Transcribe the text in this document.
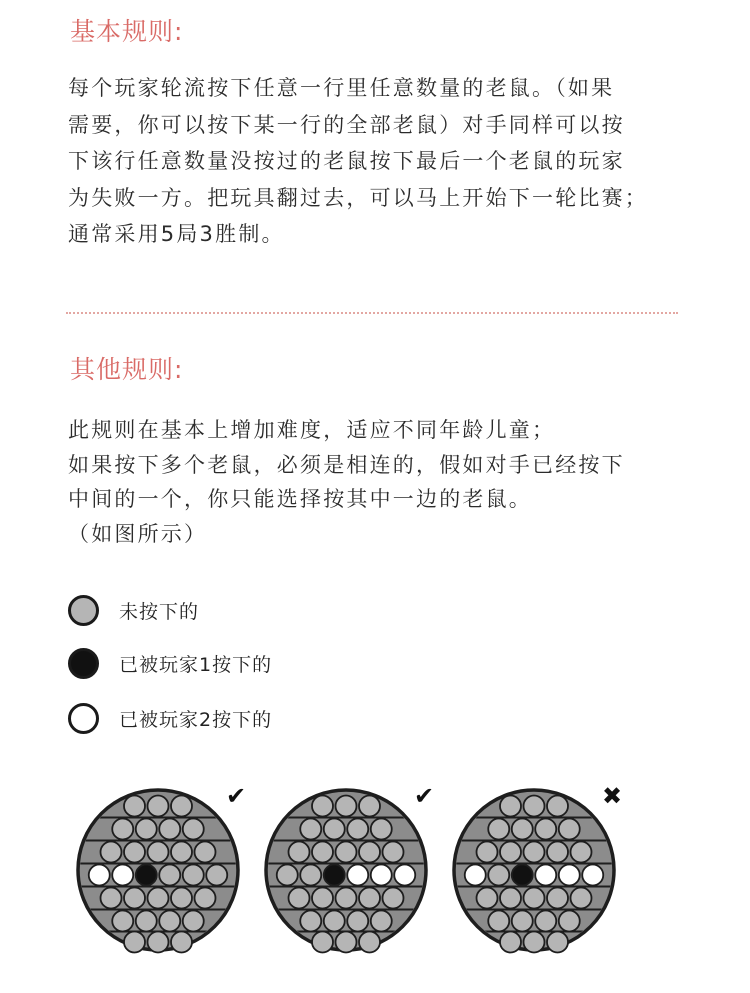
基本规则:

每个玩家轮流按下任意一行里任意数量的老鼠。（如果
需要，你可以按下某一行的全部老鼠）对手同样可以按
下该行任意数量没按过的老鼠按下最后一个老鼠的玩家
为失败一方。把玩具翻过去，可以马上开始下一轮比赛；
通常采用5局3胜制。

其他规则:

此规则在基本上增加难度，适应不同年龄儿童；
如果按下多个老鼠，必须是相连的，假如对手已经按下
中间的一个，你只能选择按其中一边的老鼠。
（如图所示）

未按下的
已被玩家1按下的
已被玩家2按下的
✔	✔	✖
